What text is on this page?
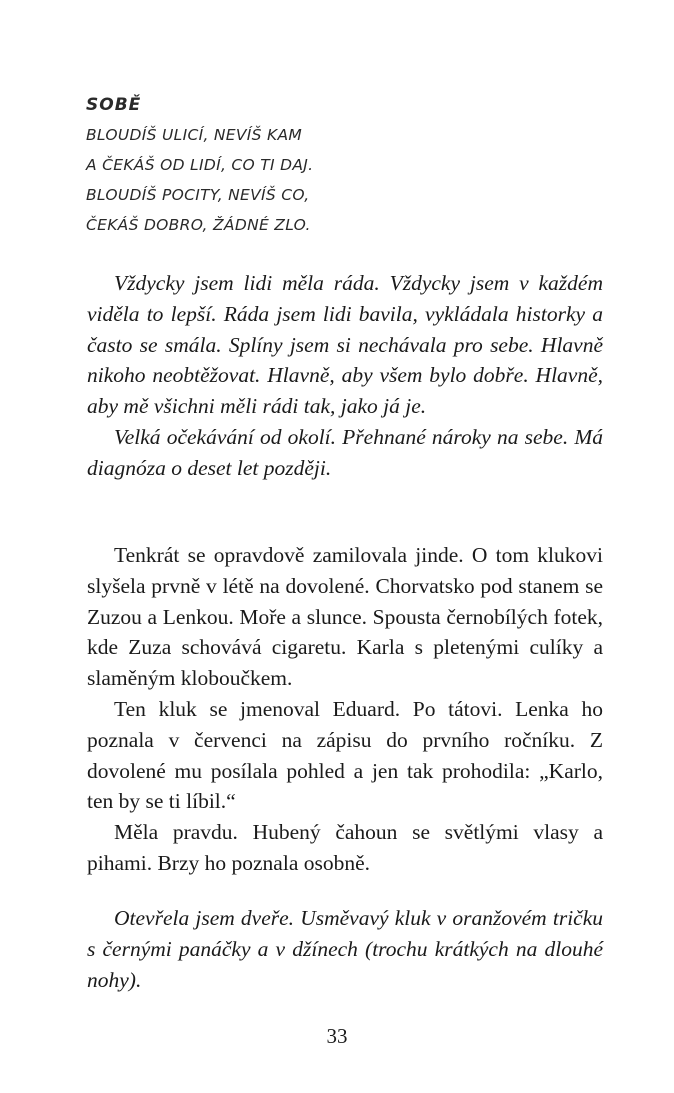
SOBĚ
BLOUDÍŠ ULICÍ, NEVÍŠ KAM
A ČEKÁŠ OD LIDÍ, CO TI DAJ.
BLOUDÍŠ POCITY, NEVÍŠ CO,
ČEKÁŠ DOBRO, ŽÁDNÉ ZLO.

Vždycky jsem lidi měla ráda. Vždycky jsem v každém viděla to lepší. Ráda jsem lidi bavila, vykládala historky a často se smála. Splíny jsem si nechávala pro sebe. Hlavně nikoho neobtěžovat. Hlavně, aby všem bylo dobře. Hlavně, aby mě všichni měli rádi tak, jako já je.

Velká očekávání od okolí. Přehnané nároky na sebe. Má diagnóza o deset let později.

Tenkrát se opravdově zamilovala jinde. O tom klukovi slyšela prvně v létě na dovolené. Chorvatsko pod stanem se Zuzou a Lenkou. Moře a slunce. Spousta černobílých fotek, kde Zuza schovává cigaretu. Karla s pletenými culíky a slaměným kloboučkem.

Ten kluk se jmenoval Eduard. Po tátovi. Lenka ho poznala v červenci na zápisu do prvního ročníku. Z dovolené mu posílala pohled a jen tak prohodila: „Karlo, ten by se ti líbil.“

Měla pravdu. Hubený čahoun se světlými vlasy a pihami. Brzy ho poznala osobně.

Otevřela jsem dveře. Usměvavý kluk v oranžovém tričku s černými panáčky a v džínech (trochu krátkých na dlouhé nohy).

33
